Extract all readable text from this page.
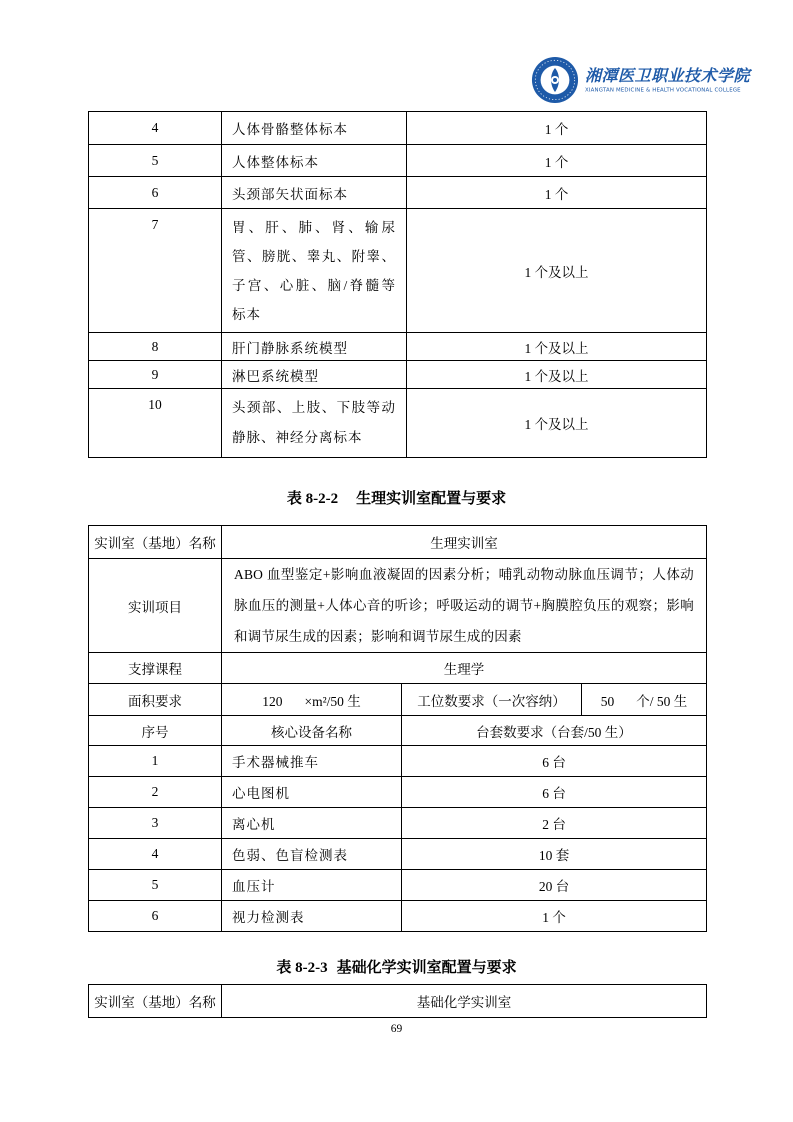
湘潭医卫职业技术学院
XIANGTAN MEDICINE & HEALTH VOCATIONAL COLLEGE
4	人体骨骼整体标本	1 个
5	人体整体标本	1 个
6	头颈部矢状面标本	1 个
7	胃、肝、肺、肾、输尿管、膀胱、睾丸、附睾、子宫、心脏、脑/脊髓等标本	1 个及以上
8	肝门静脉系统模型	1 个及以上
9	淋巴系统模型	1 个及以上
10	头颈部、上肢、下肢等动静脉、神经分离标本	1 个及以上
表 8-2-2 生理实训室配置与要求
实训室（基地）名称	生理实训室		
实训项目	ABO 血型鉴定+影响血液凝固的因素分析；哺乳动物动脉血压调节；人体动脉血压的测量+人体心音的听诊；呼吸运动的调节+胸膜腔负压的观察；影响和调节尿生成的因素；影响和调节尿生成的因素		
支撑课程	生理学		
面积要求	120 ×m²/50 生	工位数要求（一次容纳）	50 个/ 50 生
序号	核心设备名称	台套数要求（台套/50 生）	
1	手术器械推车	6 台	
2	心电图机	6 台	
3	离心机	2 台	
4	色弱、色盲检测表	10 套	
5	血压计	20 台	
6	视力检测表	1 个	
表 8-2-3 基础化学实训室配置与要求
实训室（基地）名称	基础化学实训室
69
